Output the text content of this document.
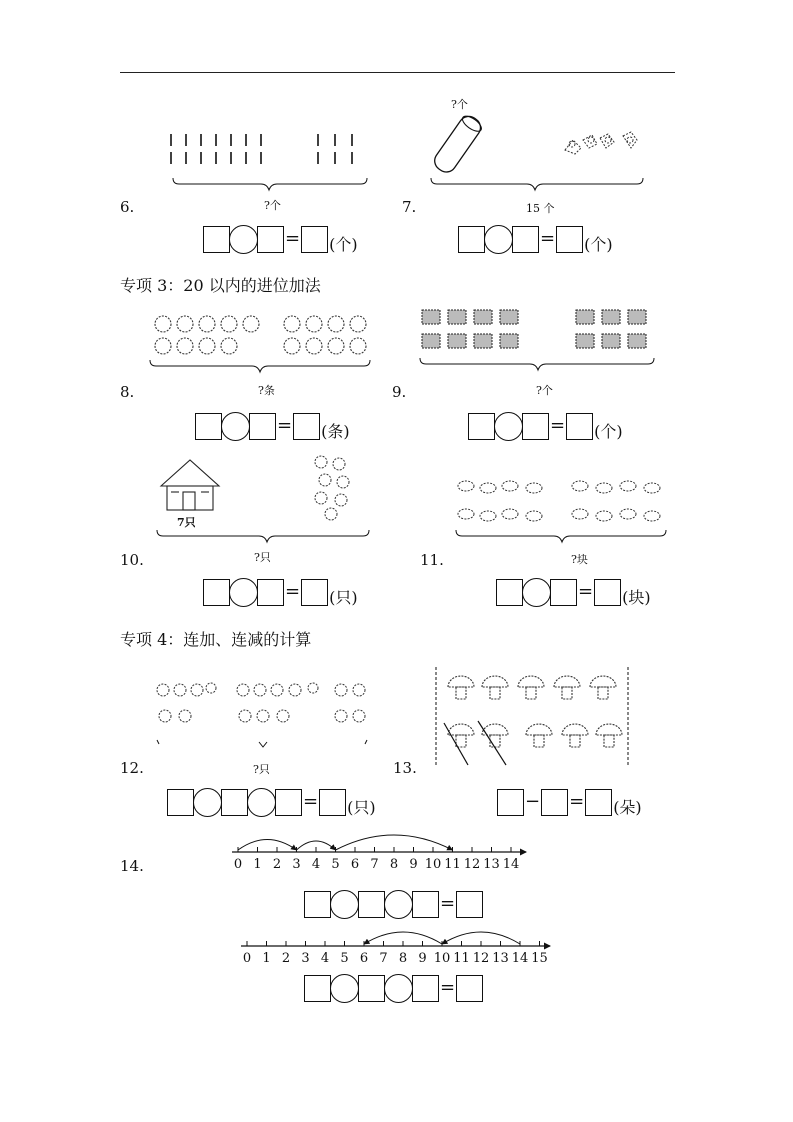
6.	?个
= (个)
?个
7.	15 个
= (个)
专项 3：20 以内的进位加法
8.	?条
= (条)
9.	?个
= (个)
7只
10.	?只
= (只)
11.	?块
= (块)
专项 4：连加、连减的计算
12.	?只
= (只)
13.
− = (朵)
14.	0 1 2 3 4 5 6 7 8 9 10 11 12 13 14
=
0 1 2 3 4 5 6 7 8 9 10 11 12 13 14 15
=
